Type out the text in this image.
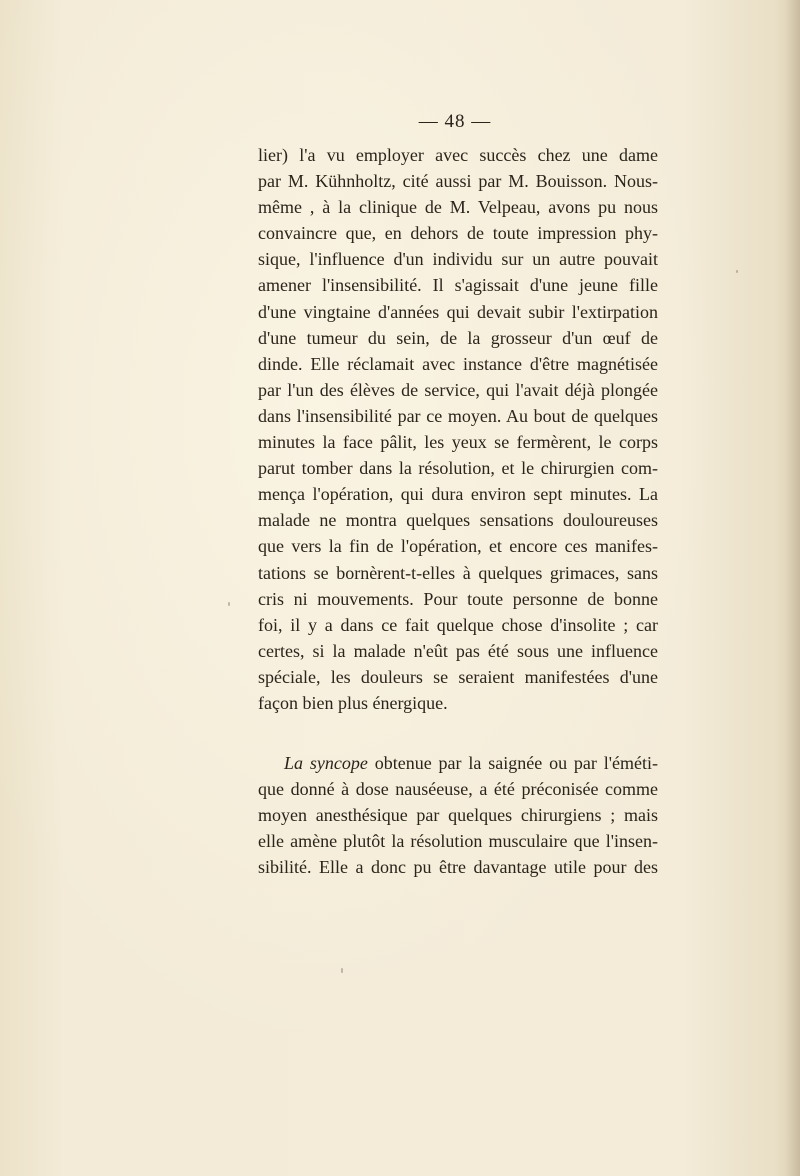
— 48 —
lier) l'a vu employer avec succès chez une dame
par M. Kühnholtz, cité aussi par M. Bouisson. Nous-
même , à la clinique de M. Velpeau, avons pu nous
convaincre que, en dehors de toute impression phy-
sique, l'influence d'un individu sur un autre pouvait
amener l'insensibilité. Il s'agissait d'une jeune fille
d'une vingtaine d'années qui devait subir l'extirpation
d'une tumeur du sein, de la grosseur d'un œuf de
dinde. Elle réclamait avec instance d'être magnétisée
par l'un des élèves de service, qui l'avait déjà plongée
dans l'insensibilité par ce moyen. Au bout de quelques
minutes la face pâlit, les yeux se fermèrent, le corps
parut tomber dans la résolution, et le chirurgien com-
mença l'opération, qui dura environ sept minutes. La
malade ne montra quelques sensations douloureuses
que vers la fin de l'opération, et encore ces manifes-
tations se bornèrent-t-elles à quelques grimaces, sans
cris ni mouvements. Pour toute personne de bonne
foi, il y a dans ce fait quelque chose d'insolite ; car
certes, si la malade n'eût pas été sous une influence
spéciale, les douleurs se seraient manifestées d'une
façon bien plus énergique.
La syncope obtenue par la saignée ou par l'éméti-
que donné à dose nauséeuse, a été préconisée comme
moyen anesthésique par quelques chirurgiens ; mais
elle amène plutôt la résolution musculaire que l'insen-
sibilité. Elle a donc pu être davantage utile pour des
